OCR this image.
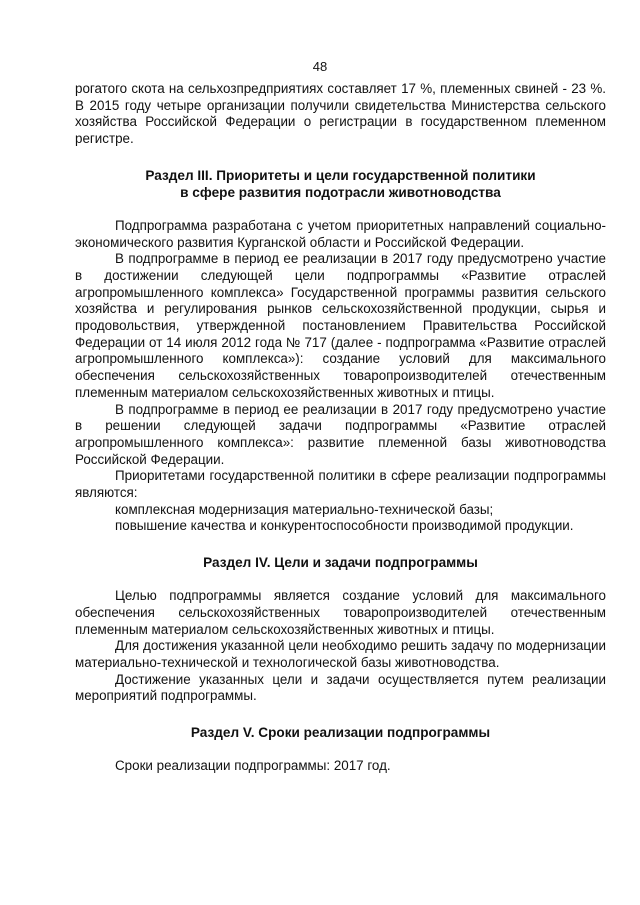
48

рогатого скота на сельхозпредприятиях составляет 17 %, племенных свиней - 23 %. В 2015 году четыре организации получили свидетельства Министерства сельского хозяйства Российской Федерации о регистрации в государственном племенном регистре.

Раздел III. Приоритеты и цели государственной политики
в сфере развития подотрасли животноводства

Подпрограмма разработана с учетом приоритетных направлений социально-экономического развития Курганской области и Российской Федерации.

В подпрограмме в период ее реализации в 2017 году предусмотрено участие в достижении следующей цели подпрограммы «Развитие отраслей агропромышленного комплекса» Государственной программы развития сельского хозяйства и регулирования рынков сельскохозяйственной продукции, сырья и продовольствия, утвержденной постановлением Правительства Российской Федерации от 14 июля 2012 года № 717 (далее - подпрограмма «Развитие отраслей агропромышленного комплекса»): создание условий для максимального обеспечения сельскохозяйственных товаропроизводителей отечественным племенным материалом сельскохозяйственных животных и птицы.

В подпрограмме в период ее реализации в 2017 году предусмотрено участие в решении следующей задачи подпрограммы «Развитие отраслей агропромышленного комплекса»: развитие племенной базы животноводства Российской Федерации.

Приоритетами государственной политики в сфере реализации подпрограммы являются:

комплексная модернизация материально-технической базы;

повышение качества и конкурентоспособности производимой продукции.

Раздел IV. Цели и задачи подпрограммы

Целью подпрограммы является создание условий для максимального обеспечения сельскохозяйственных товаропроизводителей отечественным племенным материалом сельскохозяйственных животных и птицы.

Для достижения указанной цели необходимо решить задачу по модернизации материально-технической и технологической базы животноводства.

Достижение указанных цели и задачи осуществляется путем реализации мероприятий подпрограммы.

Раздел V. Сроки реализации подпрограммы

Сроки реализации подпрограммы: 2017 год.
